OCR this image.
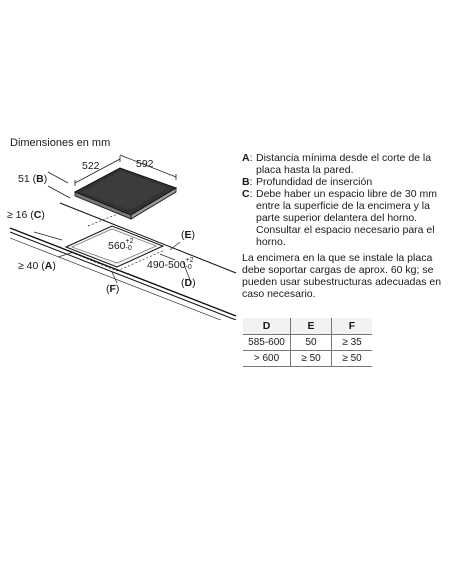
Dimensiones en mm
522	592
51 (B)
≥ 16 (C)
≥ 40 (A)
560 +2
-0
490-500 +2
-0
(E)
(D)
(F)
A: Distancia mínima desde el corte de la placa hasta la pared.
B: Profundidad de inserción
C: Debe haber un espacio libre de 30 mm entre la superficie de la encimera y la parte superior delantera del horno. Consultar el espacio necesario para el horno.
La encimera en la que se instale la placa debe soportar cargas de aprox. 60 kg; se pueden usar subestructuras adecuadas en caso necesario.
D	E	F
585-600	50	≥ 35
> 600	≥ 50	≥ 50
